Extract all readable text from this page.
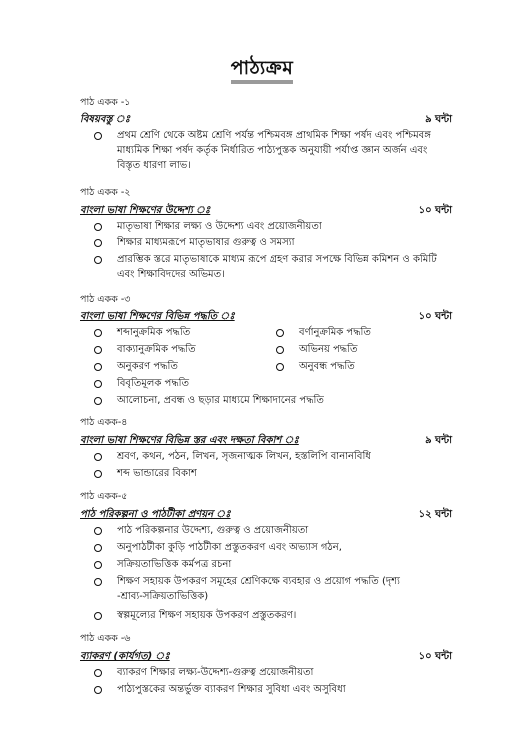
পাঠ্যক্রম
পাঠ একক -১
বিষয়বস্তু ঃ	৯ ঘন্টা
প্রথম শ্রেণি থেকে অষ্টম শ্রেণি পর্যন্ত পশ্চিমবঙ্গ প্রাথমিক শিক্ষা পর্ষদ এবং পশ্চিমবঙ্গ
মাধ্যমিক শিক্ষা পর্ষদ কর্তৃক নির্ধারিত পাঠ্যপুস্তক অনুযায়ী পর্যাপ্ত জ্ঞান অর্জন এবং
বিস্তৃত ধারণা লাভ।
পাঠ একক -২
বাংলা ভাষা শিক্ষণের উদ্দেশ্য ঃ	১০ ঘন্টা
মাতৃভাষা শিক্ষার লক্ষ্য ও উদ্দেশ্য এবং প্রয়োজনীয়তা
শিক্ষার মাধ্যমরূপে মাতৃভাষার গুরুত্ব ও সমস্যা
প্রারম্ভিক স্তরে মাতৃভাষাকে মাধ্যম রূপে গ্রহণ করার সপক্ষে বিভিন্ন কমিশন ও কমিটি
এবং শিক্ষাবিদদের অভিমত।
পাঠ একক -৩
বাংলা ভাষা শিক্ষণের বিভিন্ন পদ্ধতি ঃ	১০ ঘন্টা
শব্দানুক্রমিক পদ্ধতি	বর্ণানুক্রমিক পদ্ধতি
বাক্যানুক্রমিক পদ্ধতি	অভিনয় পদ্ধতি
অনুকরণ পদ্ধতি	অনুবন্ধ পদ্ধতি
বিবৃতিমূলক পদ্ধতি
আলোচনা, প্রবন্ধ ও ছড়ার মাধ্যমে শিক্ষাদানের পদ্ধতি
পাঠ একক-৪
বাংলা ভাষা শিক্ষণের বিভিন্ন স্তর এবং দক্ষতা বিকাশ ঃ	৯ ঘন্টা
শ্রবণ, কথন, পঠন, লিখন, সৃজনাত্মক লিখন, হস্তলিপি বানানবিধি
শব্দ ভান্ডারের বিকাশ
পাঠ একক-৫
পাঠ পরিকল্পনা ও পাঠটীকা প্রণয়ন ঃ	১২ ঘন্টা
পাঠ পরিকল্পনার উদ্দেশ্য, গুরুত্ব ও প্রয়োজনীয়তা
অনুপাঠটীকা কুড়ি পাঠটীকা প্রস্তুতকরণ এবং অভ্যাস গঠন,
সক্রিয়তাভিত্তিক কর্মপত্র রচনা
শিক্ষণ সহায়ক উপকরণ সমূহের শ্রেণিকক্ষে ব্যবহার ও প্রয়োগ পদ্ধতি (দৃশ্য
-শ্রাব্য-সক্রিয়তাভিত্তিক)
স্বল্পমূল্যের শিক্ষণ সহায়ক উপকরণ প্রস্তুতকরণ।
পাঠ একক -৬
ব্যাকরণ (কার্যগত) ঃ	১০ ঘন্টা
ব্যাকরণ শিক্ষার লক্ষ্য-উদ্দেশ্য-গুরুত্ব প্রয়োজনীয়তা
পাঠ্যপুস্তকের অন্তর্ভুক্ত ব্যাকরণ শিক্ষার সুবিধা এবং অসুবিধা
